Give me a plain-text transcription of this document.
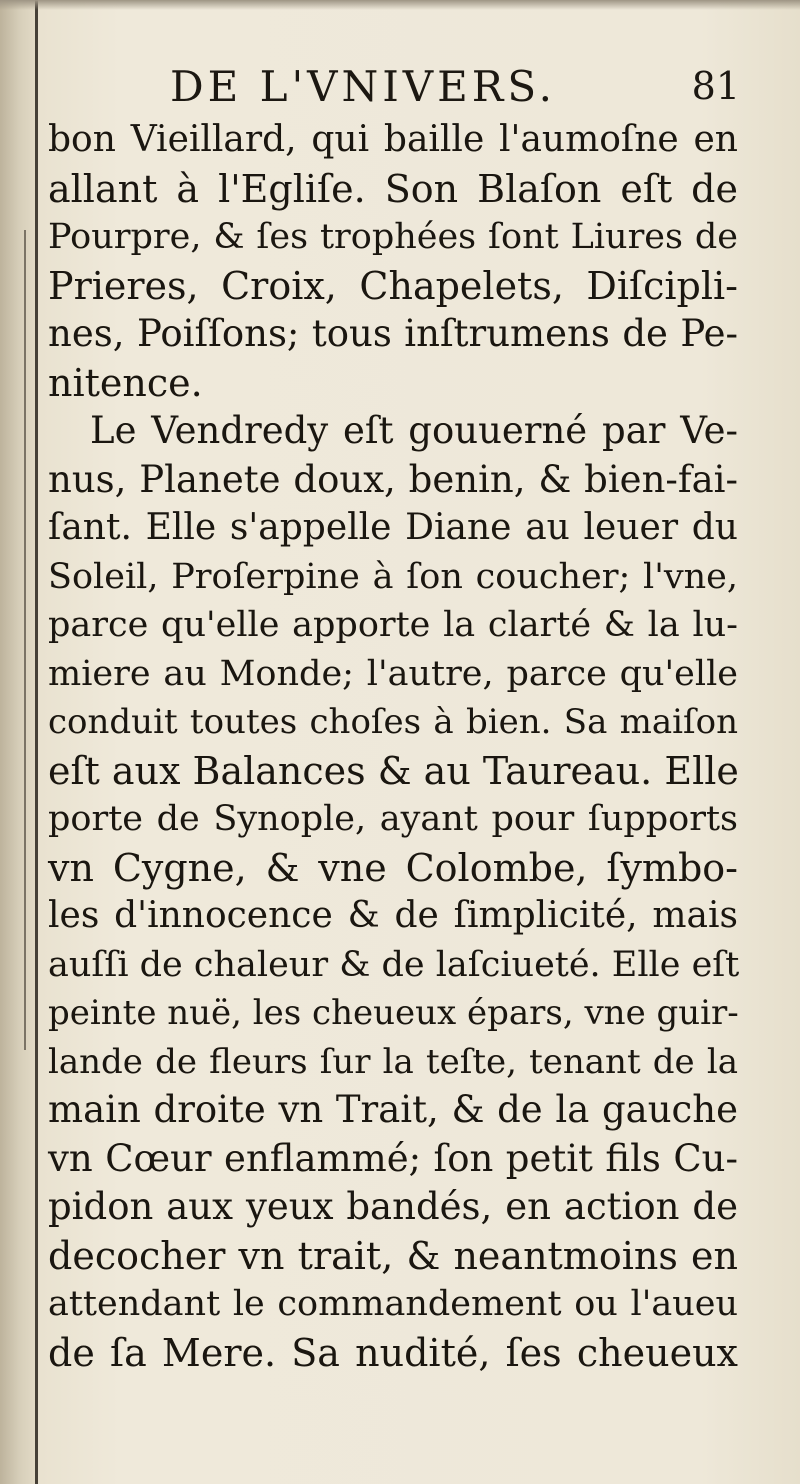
DE L'VNIVERS.	81
bon Vieillard, qui baille l'aumoſne en
allant à l'Egliſe. Son Blaſon eſt de
Pourpre, & ſes trophées ſont Liures de
Prieres, Croix, Chapelets, Diſcipli-
nes, Poiſſons; tous inſtrumens de Pe-
nitence.
Le Vendredy eſt gouuerné par Ve-
nus, Planete doux, benin, & bien-fai-
ſant. Elle s'appelle Diane au leuer du
Soleil, Proſerpine à ſon coucher; l'vne,
parce qu'elle apporte la clarté & la lu-
miere au Monde; l'autre, parce qu'elle
conduit toutes choſes à bien. Sa maiſon
eſt aux Balances & au Taureau. Elle
porte de Synople, ayant pour ſupports
vn Cygne, & vne Colombe, ſymbo-
les d'innocence & de ſimplicité, mais
auſſi de chaleur & de laſciueté. Elle eſt
peinte nuë, les cheueux épars, vne guir-
lande de fleurs ſur la teſte, tenant de la
main droite vn Trait, & de la gauche
vn Cœur enflammé; ſon petit fils Cu-
pidon aux yeux bandés, en action de
decocher vn trait, & neantmoins en
attendant le commandement ou l'aueu
de ſa Mere. Sa nudité, ſes cheueux
